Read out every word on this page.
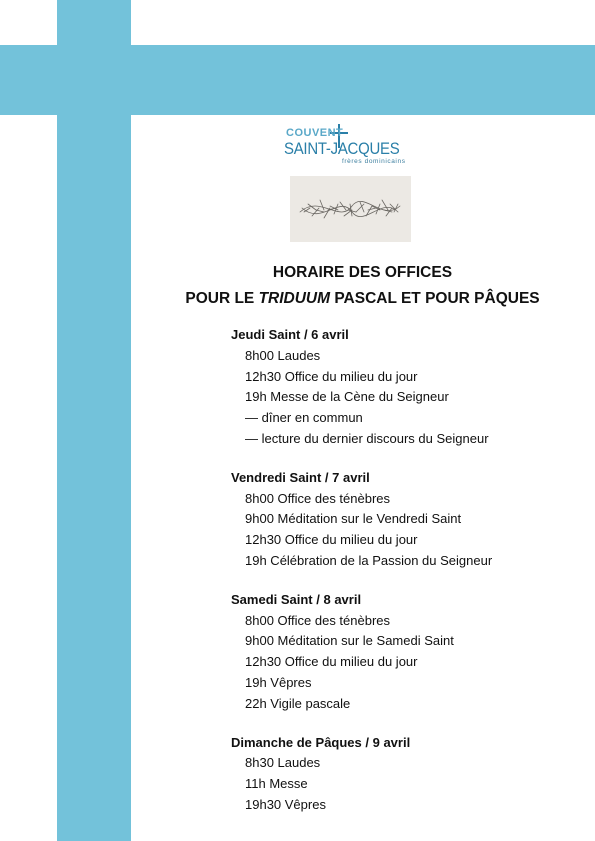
COUVENT
SAINT-JACQUES
frères dominicains
HORAIRE DES OFFICES
POUR LE TRIDUUM PASCAL ET POUR PÂQUES
Jeudi Saint / 6 avril
8h00 Laudes
12h30 Office du milieu du jour
19h Messe de la Cène du Seigneur
— dîner en commun
— lecture du dernier discours du Seigneur
Vendredi Saint / 7 avril
8h00 Office des ténèbres
9h00 Méditation sur le Vendredi Saint
12h30 Office du milieu du jour
19h Célébration de la Passion du Seigneur
Samedi Saint / 8 avril
8h00 Office des ténèbres
9h00 Méditation sur le Samedi Saint
12h30 Office du milieu du jour
19h Vêpres
22h Vigile pascale
Dimanche de Pâques / 9 avril
8h30 Laudes
11h Messe
19h30 Vêpres
